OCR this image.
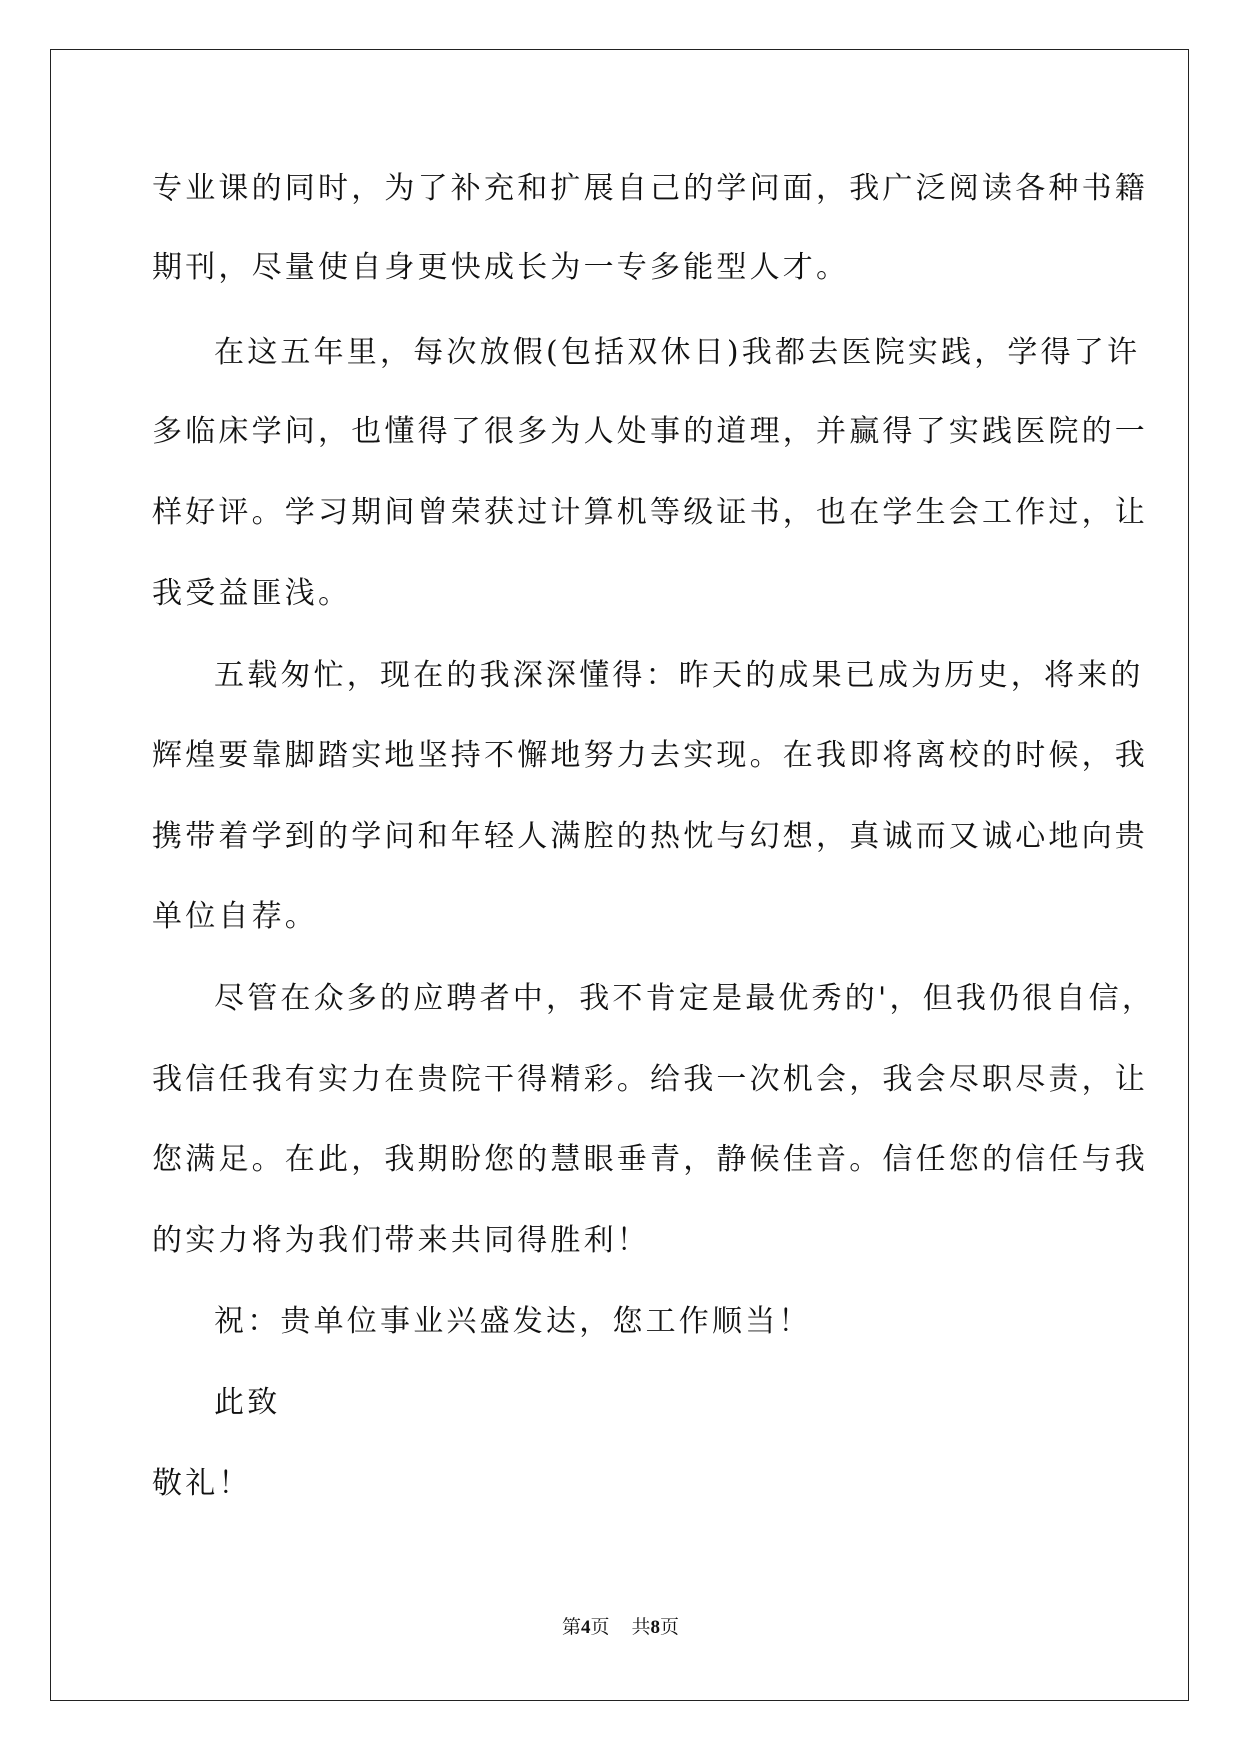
专业课的同时，为了补充和扩展自己的学问面，我广泛阅读各种书籍
期刊，尽量使自身更快成长为一专多能型人才。
在这五年里，每次放假(包括双休日)我都去医院实践，学得了许
多临床学问，也懂得了很多为人处事的道理，并赢得了实践医院的一
样好评。学习期间曾荣获过计算机等级证书，也在学生会工作过，让
我受益匪浅。
五载匆忙，现在的我深深懂得：昨天的成果已成为历史，将来的
辉煌要靠脚踏实地坚持不懈地努力去实现。在我即将离校的时候，我
携带着学到的学问和年轻人满腔的热忱与幻想，真诚而又诚心地向贵
单位自荐。
尽管在众多的应聘者中，我不肯定是最优秀的'，但我仍很自信，
我信任我有实力在贵院干得精彩。给我一次机会，我会尽职尽责，让
您满足。在此，我期盼您的慧眼垂青，静候佳音。信任您的信任与我
的实力将为我们带来共同得胜利！
祝：贵单位事业兴盛发达，您工作顺当！
此致
敬礼！
第4页 共8页
